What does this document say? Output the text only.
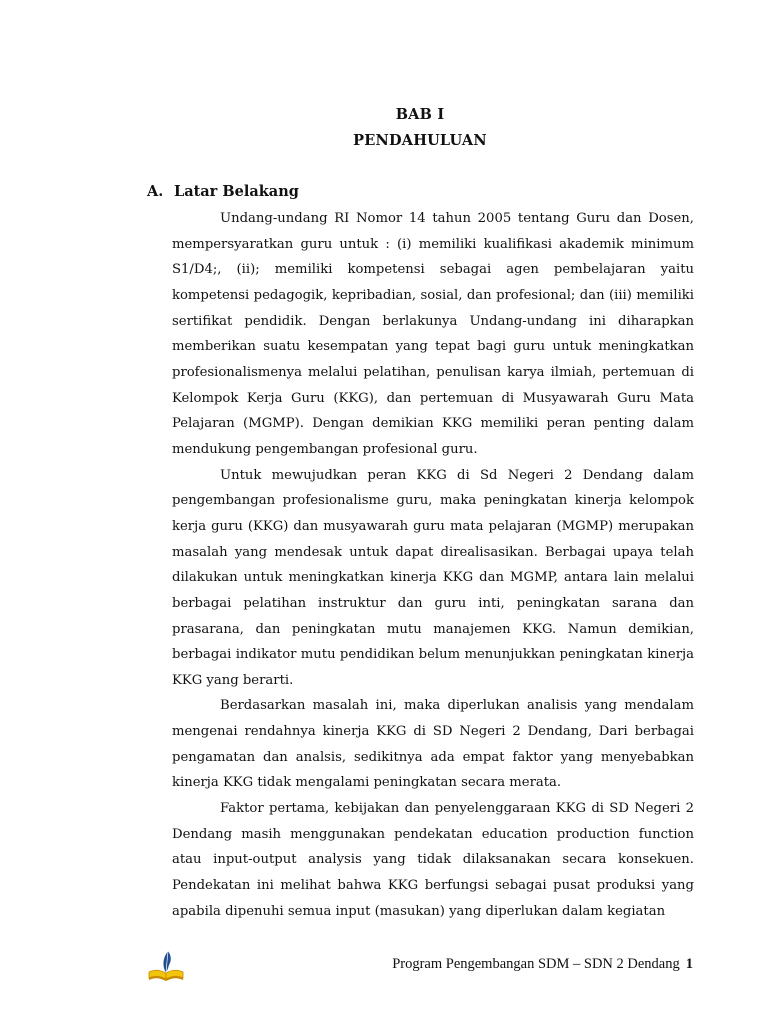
BAB I
PENDAHULUAN
A. Latar Belakang

Undang-undang RI Nomor 14 tahun 2005 tentang Guru dan Dosen, mempersyaratkan guru untuk : (i) memiliki kualifikasi akademik minimum S1/D4;, (ii); memiliki kompetensi sebagai agen pembelajaran yaitu kompetensi pedagogik, kepribadian, sosial, dan profesional; dan (iii) memiliki sertifikat pendidik. Dengan berlakunya Undang-undang ini diharapkan memberikan suatu kesempatan yang tepat bagi guru untuk meningkatkan profesionalismenya melalui pelatihan, penulisan karya ilmiah, pertemuan di Kelompok Kerja Guru (KKG), dan pertemuan di Musyawarah Guru Mata Pelajaran (MGMP). Dengan demikian KKG memiliki peran penting dalam mendukung pengembangan profesional guru.

Untuk mewujudkan peran KKG di Sd Negeri 2 Dendang dalam pengembangan profesionalisme guru, maka peningkatan kinerja kelompok kerja guru (KKG) dan musyawarah guru mata pelajaran (MGMP) merupakan masalah yang mendesak untuk dapat direalisasikan. Berbagai upaya telah dilakukan untuk meningkatkan kinerja KKG dan MGMP, antara lain melalui berbagai pelatihan instruktur dan guru inti, peningkatan sarana dan prasarana, dan peningkatan mutu manajemen KKG. Namun demikian, berbagai indikator mutu pendidikan belum menunjukkan peningkatan kinerja KKG yang berarti.

Berdasarkan masalah ini, maka diperlukan analisis yang mendalam mengenai rendahnya kinerja KKG di SD Negeri 2 Dendang, Dari berbagai pengamatan dan analsis, sedikitnya ada empat faktor yang menyebabkan kinerja KKG tidak mengalami peningkatan secara merata.

Faktor pertama, kebijakan dan penyelenggaraan KKG di SD Negeri 2 Dendang masih menggunakan pendekatan education production function atau input-output analysis yang tidak dilaksanakan secara konsekuen. Pendekatan ini melihat bahwa KKG berfungsi sebagai pusat produksi yang apabila dipenuhi semua input (masukan) yang diperlukan dalam kegiatan

Program Pengembangan SDM – SDN 2 Dendang 1
